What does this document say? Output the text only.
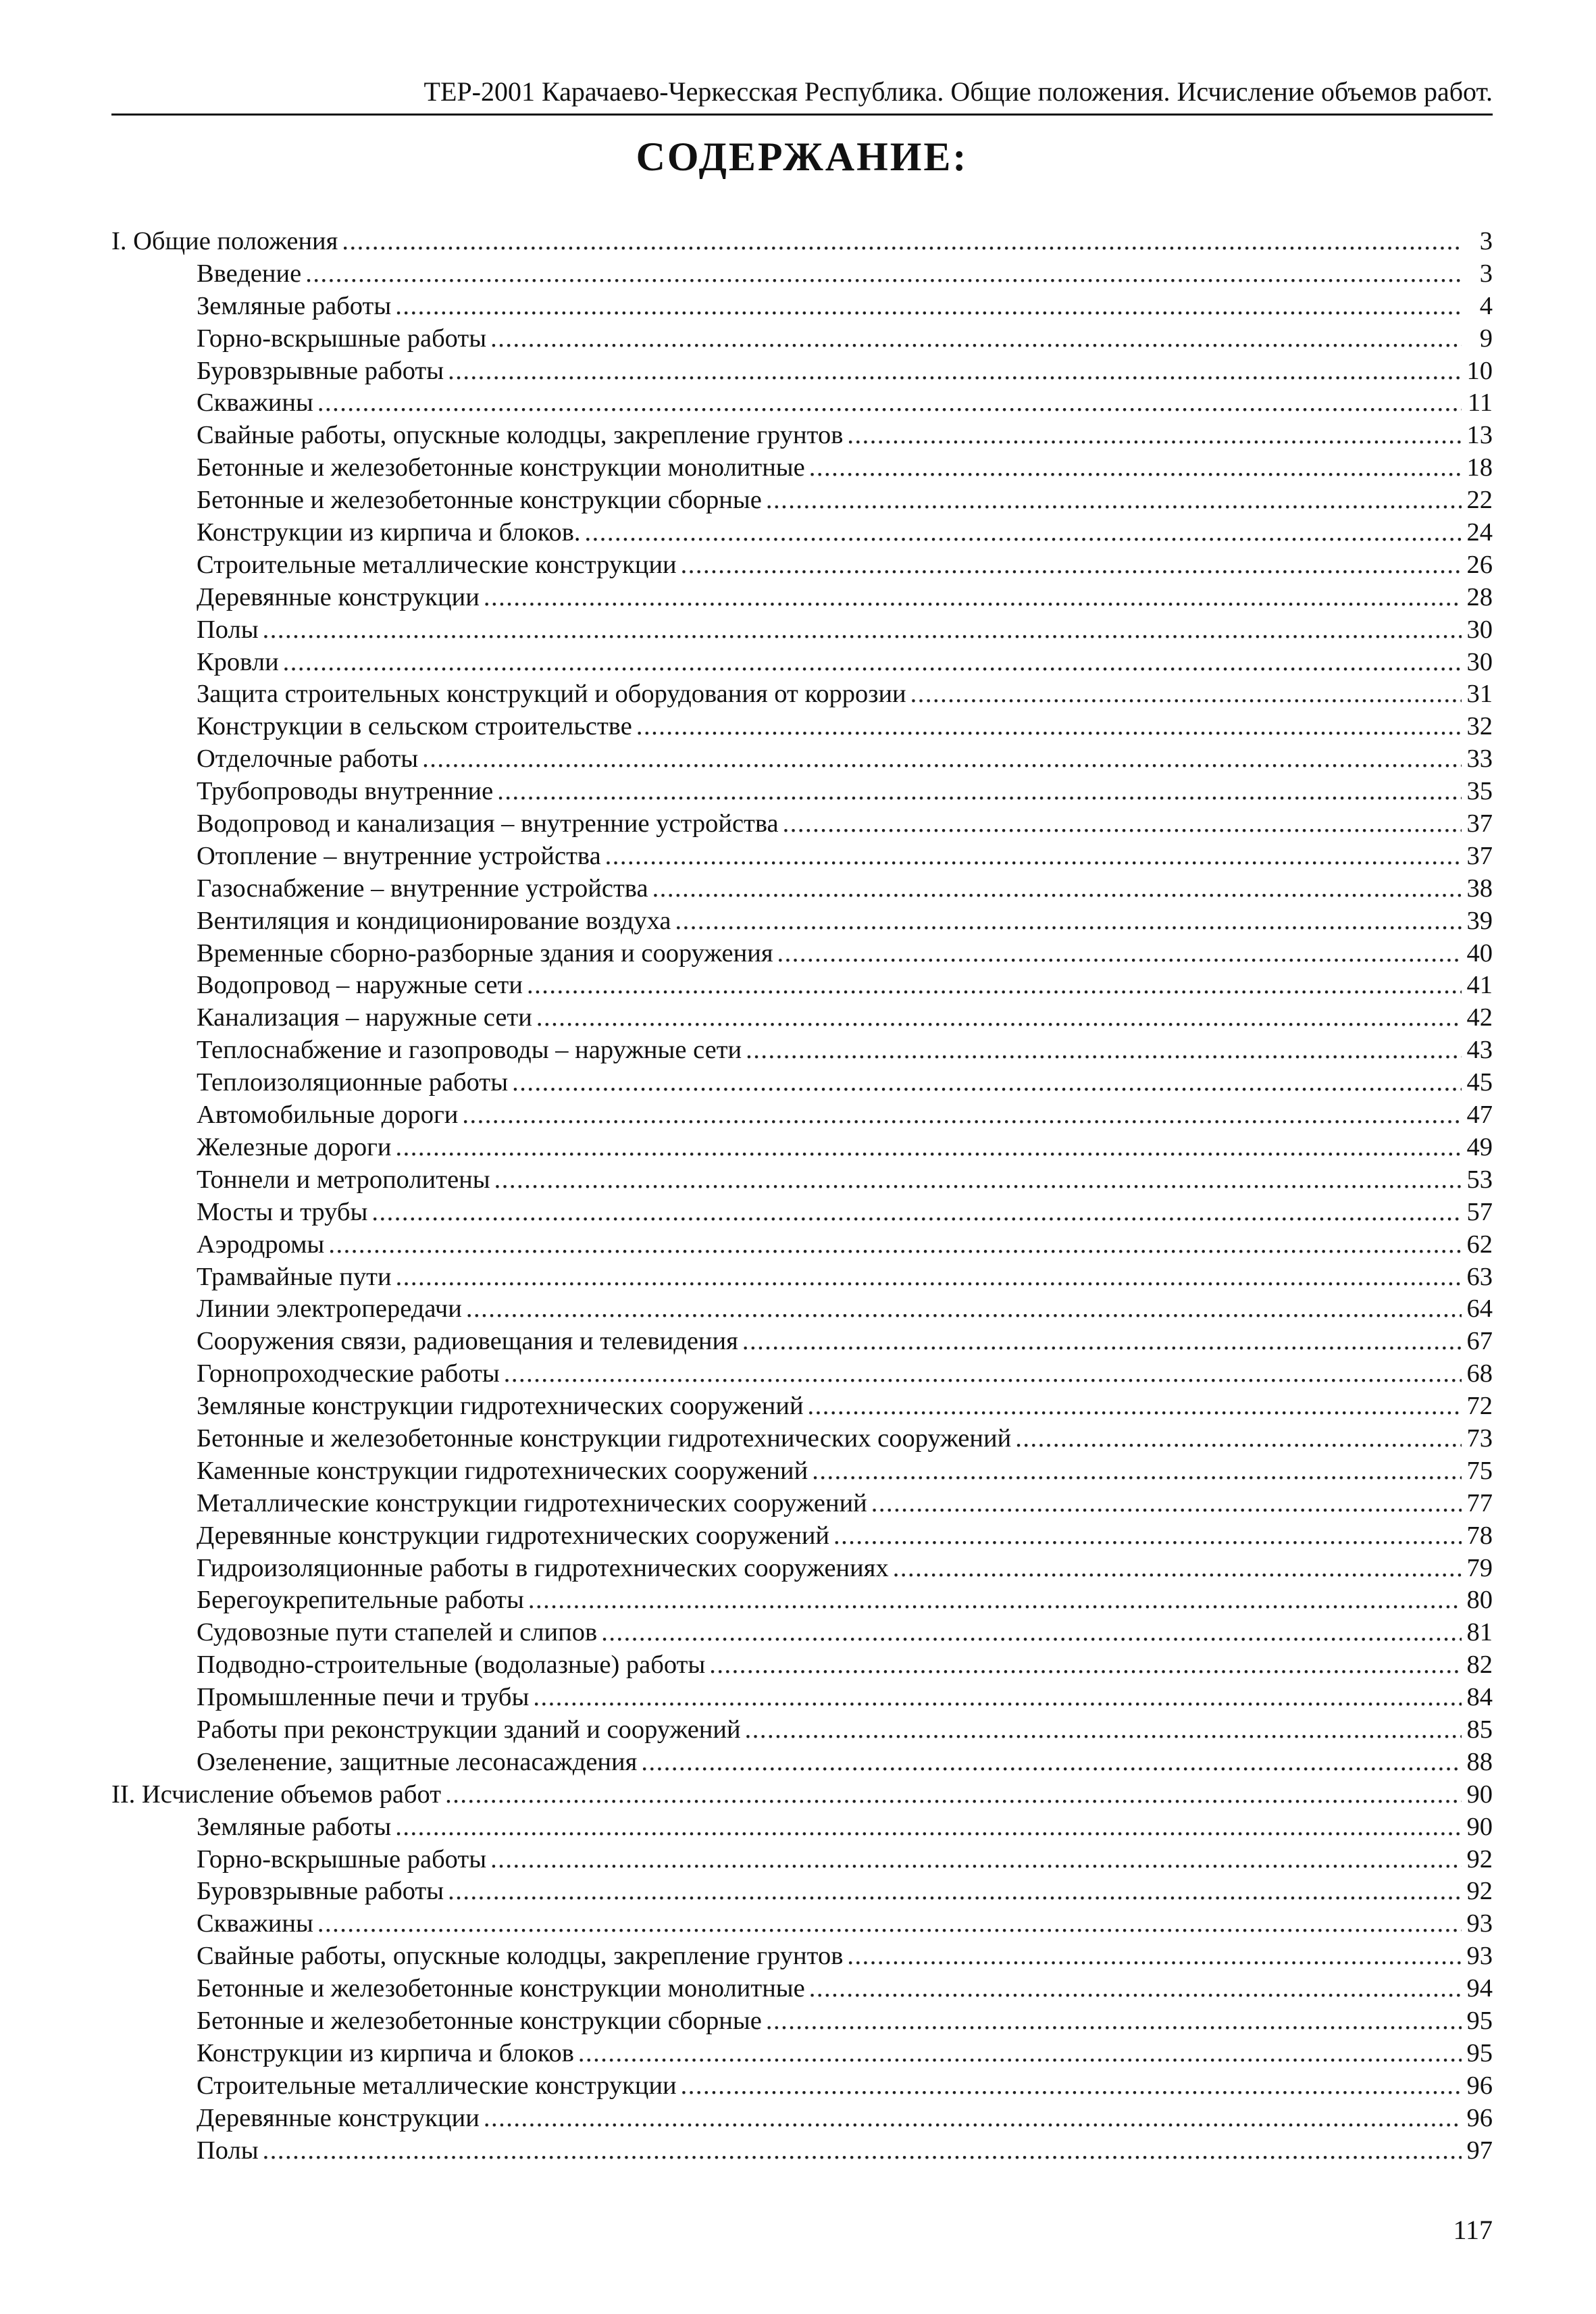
ТЕР-2001 Карачаево-Черкесская Республика. Общие положения. Исчисление объемов работ.
СОДЕРЖАНИЕ:
I. Общие положения .....	3
Введение .....	3
Земляные работы .....	4
Горно-вскрышные работы .....	9
Буровзрывные работы .....	10
Скважины .....	11
Свайные работы, опускные колодцы, закрепление грунтов .....	13
Бетонные и железобетонные конструкции монолитные .....	18
Бетонные и железобетонные конструкции сборные .....	22
Конструкции из кирпича и блоков. .....	24
Строительные металлические конструкции .....	26
Деревянные конструкции .....	28
Полы .....	30
Кровли .....	30
Защита строительных конструкций и оборудования от коррозии .....	31
Конструкции в сельском строительстве .....	32
Отделочные работы .....	33
Трубопроводы внутренние .....	35
Водопровод и канализация – внутренние устройства .....	37
Отопление – внутренние устройства .....	37
Газоснабжение – внутренние устройства .....	38
Вентиляция и кондиционирование воздуха .....	39
Временные сборно-разборные здания и сооружения .....	40
Водопровод – наружные сети .....	41
Канализация – наружные сети .....	42
Теплоснабжение и газопроводы – наружные сети .....	43
Теплоизоляционные работы .....	45
Автомобильные дороги .....	47
Железные дороги .....	49
Тоннели и метрополитены .....	53
Мосты и трубы .....	57
Аэродромы .....	62
Трамвайные пути .....	63
Линии электропередачи .....	64
Сооружения связи, радиовещания и телевидения .....	67
Горнопроходческие работы .....	68
Земляные конструкции гидротехнических сооружений .....	72
Бетонные и железобетонные конструкции гидротехнических сооружений .....	73
Каменные конструкции гидротехнических сооружений .....	75
Металлические конструкции гидротехнических сооружений .....	77
Деревянные конструкции гидротехнических сооружений .....	78
Гидроизоляционные работы в гидротехнических сооружениях .....	79
Берегоукрепительные работы .....	80
Судовозные пути стапелей и слипов .....	81
Подводно-строительные (водолазные) работы .....	82
Промышленные печи и трубы .....	84
Работы при реконструкции зданий и сооружений .....	85
Озеленение, защитные лесонасаждения .....	88
II. Исчисление объемов работ .....	90
Земляные работы .....	90
Горно-вскрышные работы .....	92
Буровзрывные работы .....	92
Скважины .....	93
Свайные работы, опускные колодцы, закрепление грунтов .....	93
Бетонные и железобетонные конструкции монолитные .....	94
Бетонные и железобетонные конструкции сборные .....	95
Конструкции из кирпича и блоков .....	95
Строительные металлические конструкции .....	96
Деревянные конструкции .....	96
Полы .....	97
117
